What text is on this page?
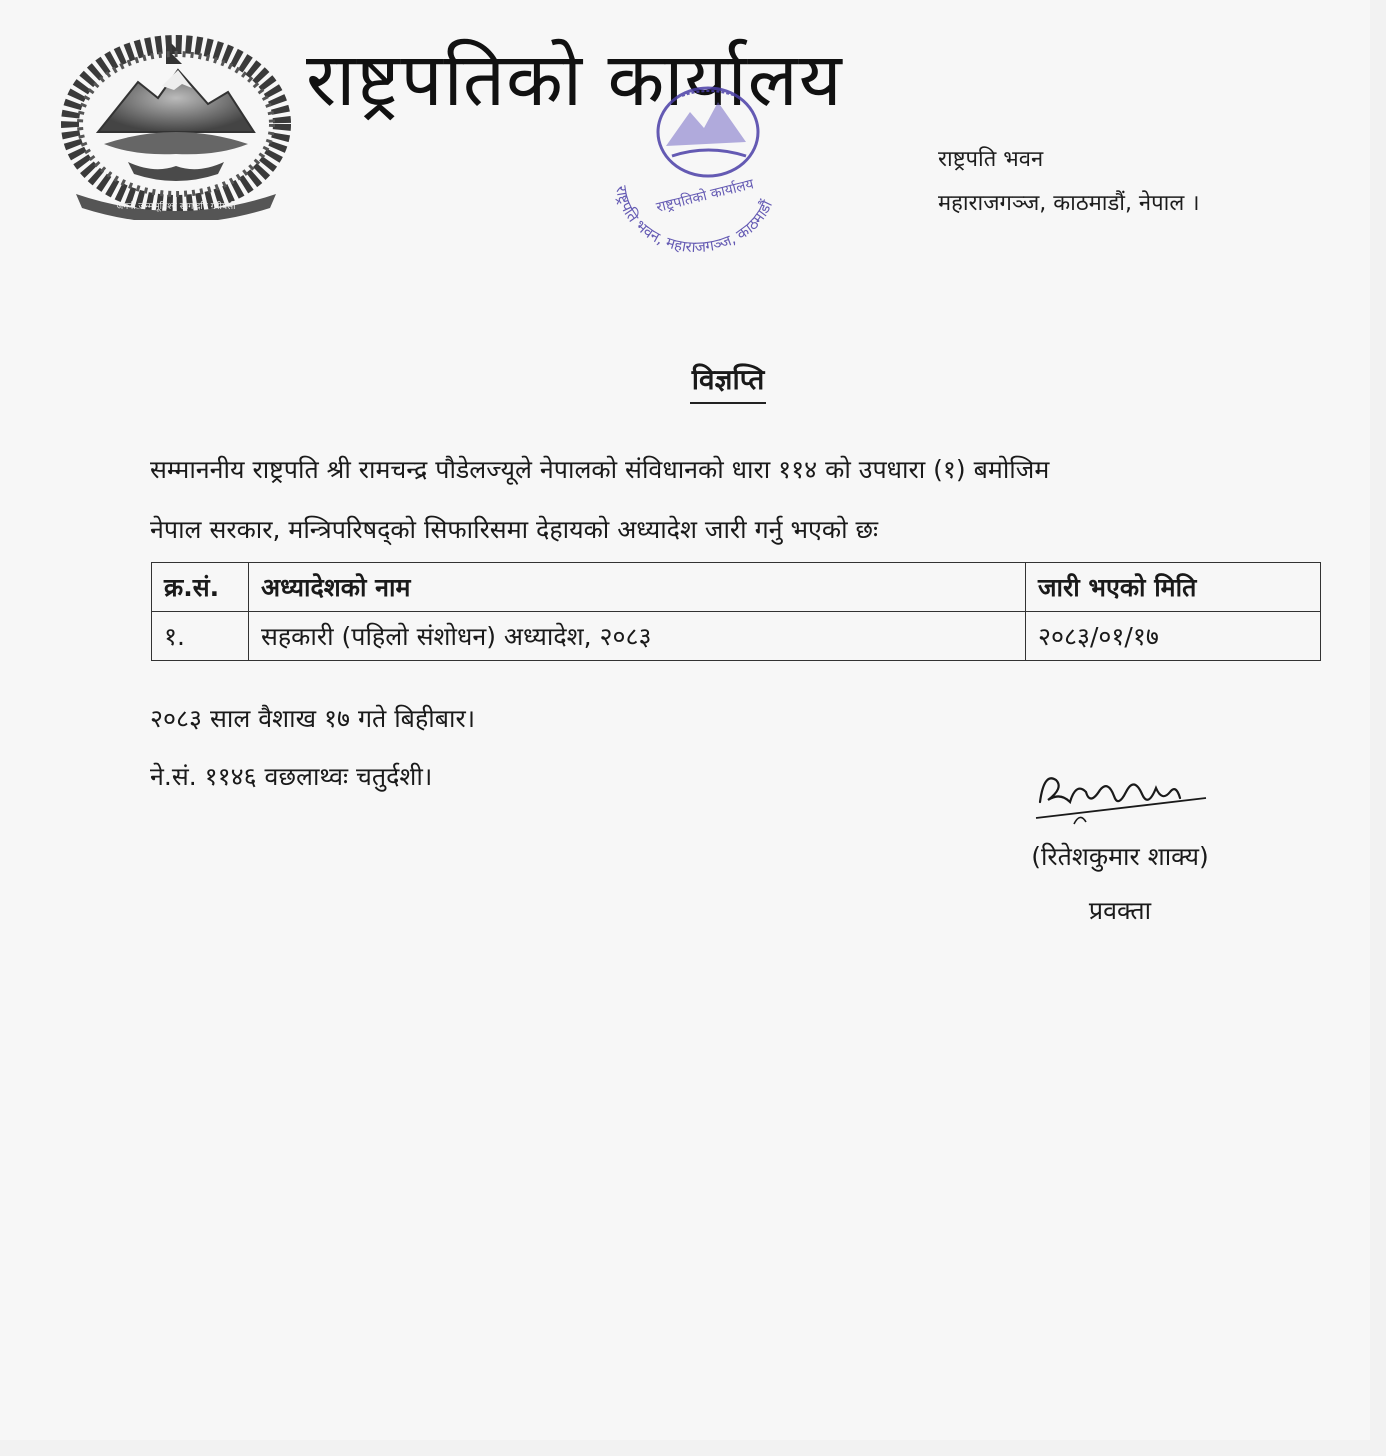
जननी जन्मभूमिश्च स्वर्गादपि गरीयसी
राष्ट्रपतिको कार्यालय
राष्ट्रपति भवन, महाराजगञ्ज, काठमाडौं
राष्ट्रपतिको कार्यालय
राष्ट्रपति भवन
महाराजगञ्ज, काठमाडौं, नेपाल ।
विज्ञप्ति

सम्माननीय राष्ट्रपति श्री रामचन्द्र पौडेलज्यूले नेपालको संविधानको धारा ११४ को उपधारा (१) बमोजिम

नेपाल सरकार, मन्त्रिपरिषद्को सिफारिसमा देहायको अध्यादेश जारी गर्नु भएको छः

क्र.सं.	अध्यादेशको नाम	जारी भएको मिति
१.	सहकारी (पहिलो संशोधन) अध्यादेश, २०८३	२०८३/०१/१७
२०८३ साल वैशाख १७ गते बिहीबार।
ने.सं. ११४६ वछलाथ्वः चतुर्दशी।
(रितेशकुमार शाक्य)
प्रवक्ता
